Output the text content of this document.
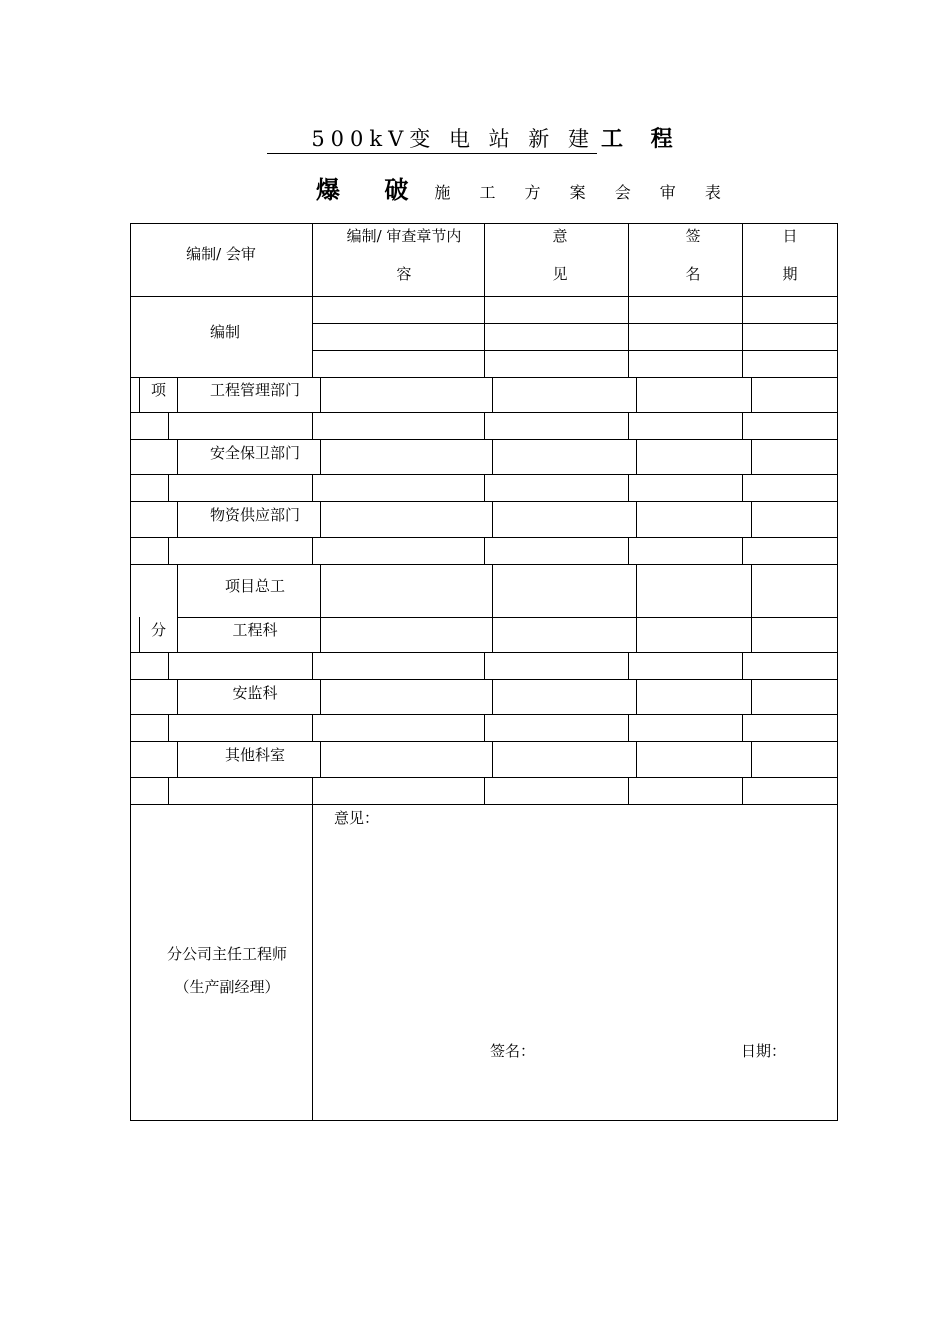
500kV变 电 站 新 建 工 程
爆 破 施 工 方 案 会 审 表
编制/ 会审
编制/ 审查章节内
容
意
见
签
名
日
期
编制
项
分
工程管理部门
安全保卫部门
物资供应部门
项目总工
工程科
安监科
其他科室
分公司主任工程师
（生产副经理）
意见：
签名：	日期：
